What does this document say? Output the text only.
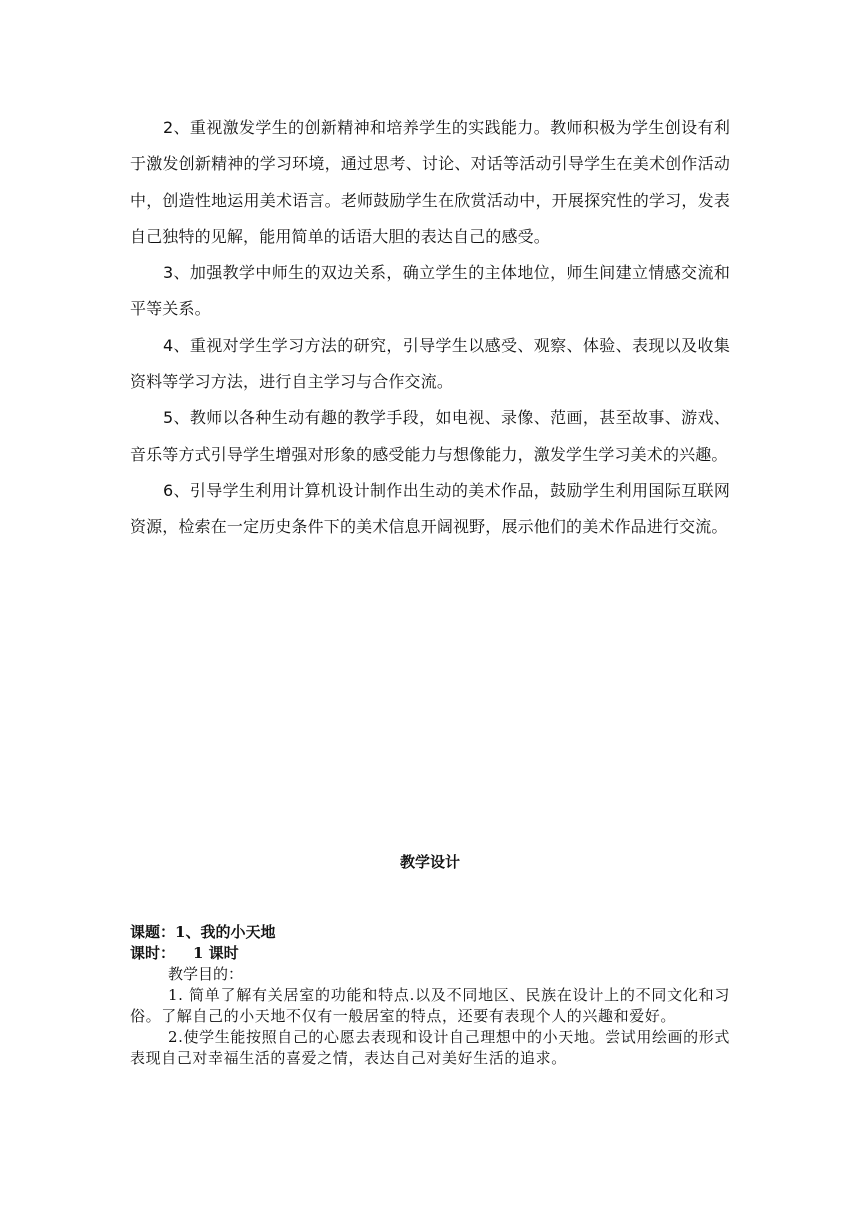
2、重视激发学生的创新精神和培养学生的实践能力。教师积极为学生创设有利于激发创新精神的学习环境，通过思考、讨论、对话等活动引导学生在美术创作活动中，创造性地运用美术语言。老师鼓励学生在欣赏活动中，开展探究性的学习，发表自己独特的见解，能用简单的话语大胆的表达自己的感受。

3、加强教学中师生的双边关系，确立学生的主体地位，师生间建立情感交流和平等关系。

4、重视对学生学习方法的研究，引导学生以感受、观察、体验、表现以及收集资料等学习方法，进行自主学习与合作交流。

5、教师以各种生动有趣的教学手段，如电视、录像、范画，甚至故事、游戏、音乐等方式引导学生增强对形象的感受能力与想像能力，激发学生学习美术的兴趣。

6、引导学生利用计算机设计制作出生动的美术作品，鼓励学生利用国际互联网资源，检索在一定历史条件下的美术信息开阔视野，展示他们的美术作品进行交流。

教学设计

课题：1、我的小天地

课时： 1 课时

教学目的：

1. 简单了解有关居室的功能和特点.以及不同地区、民族在设计上的不同文化和习俗。了解自己的小天地不仅有一般居室的特点，还要有表现个人的兴趣和爱好。

2.使学生能按照自己的心愿去表现和设计自己理想中的小天地。尝试用绘画的形式表现自己对幸福生活的喜爱之情，表达自己对美好生活的追求。
